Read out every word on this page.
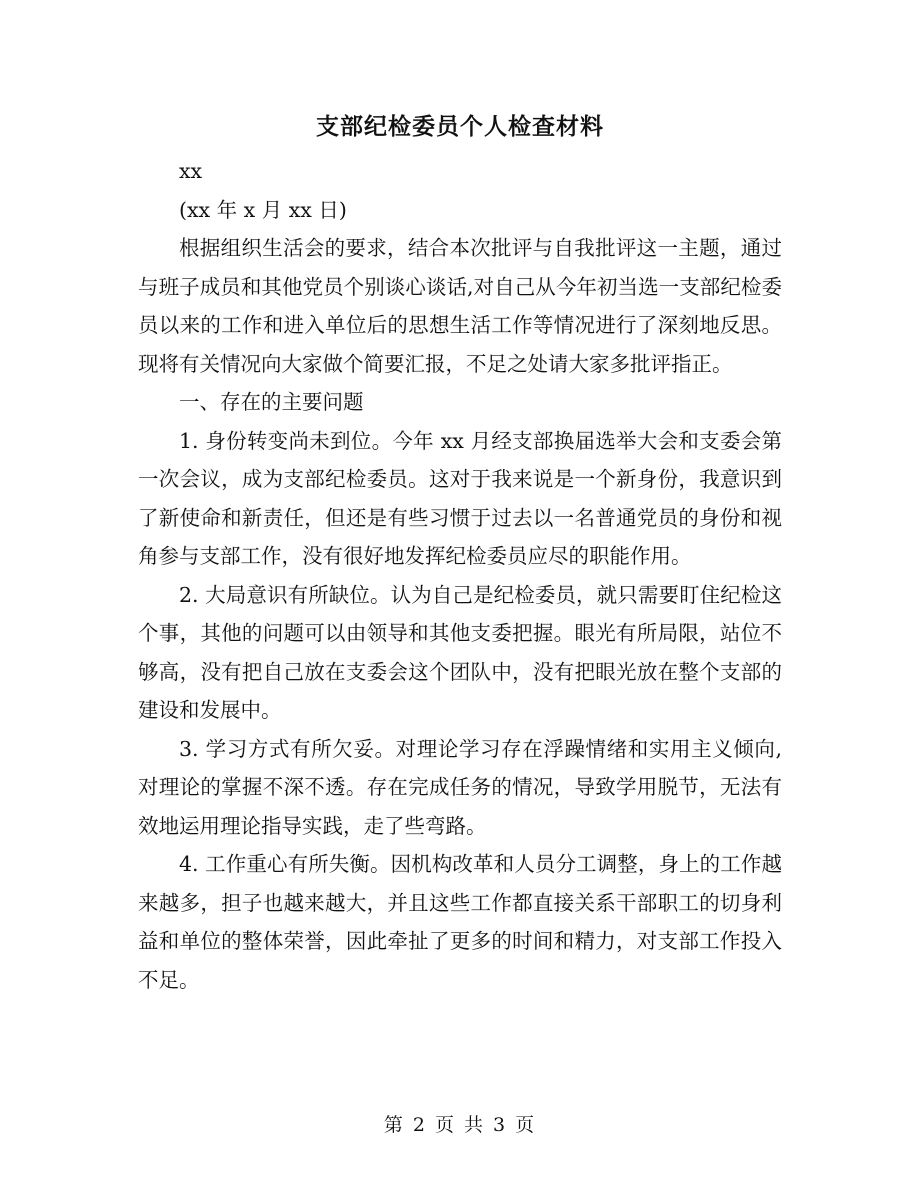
支部纪检委员个人检查材料

xx

(xx 年 x 月 xx 日)

根据组织生活会的要求，结合本次批评与自我批评这一主题，通过与班子成员和其他党员个别谈心谈话,对自己从今年初当选一支部纪检委员以来的工作和进入单位后的思想生活工作等情况进行了深刻地反思。现将有关情况向大家做个简要汇报，不足之处请大家多批评指正。

一、存在的主要问题

1. 身份转变尚未到位。今年 xx 月经支部换届选举大会和支委会第一次会议，成为支部纪检委员。这对于我来说是一个新身份，我意识到了新使命和新责任，但还是有些习惯于过去以一名普通党员的身份和视角参与支部工作，没有很好地发挥纪检委员应尽的职能作用。

2. 大局意识有所缺位。认为自己是纪检委员，就只需要盯住纪检这个事，其他的问题可以由领导和其他支委把握。眼光有所局限，站位不够高，没有把自己放在支委会这个团队中，没有把眼光放在整个支部的建设和发展中。

3. 学习方式有所欠妥。对理论学习存在浮躁情绪和实用主义倾向,对理论的掌握不深不透。存在完成任务的情况，导致学用脱节，无法有效地运用理论指导实践，走了些弯路。

4. 工作重心有所失衡。因机构改革和人员分工调整，身上的工作越来越多，担子也越来越大，并且这些工作都直接关系干部职工的切身利益和单位的整体荣誉，因此牵扯了更多的时间和精力，对支部工作投入不足。

第 2 页 共 3 页
